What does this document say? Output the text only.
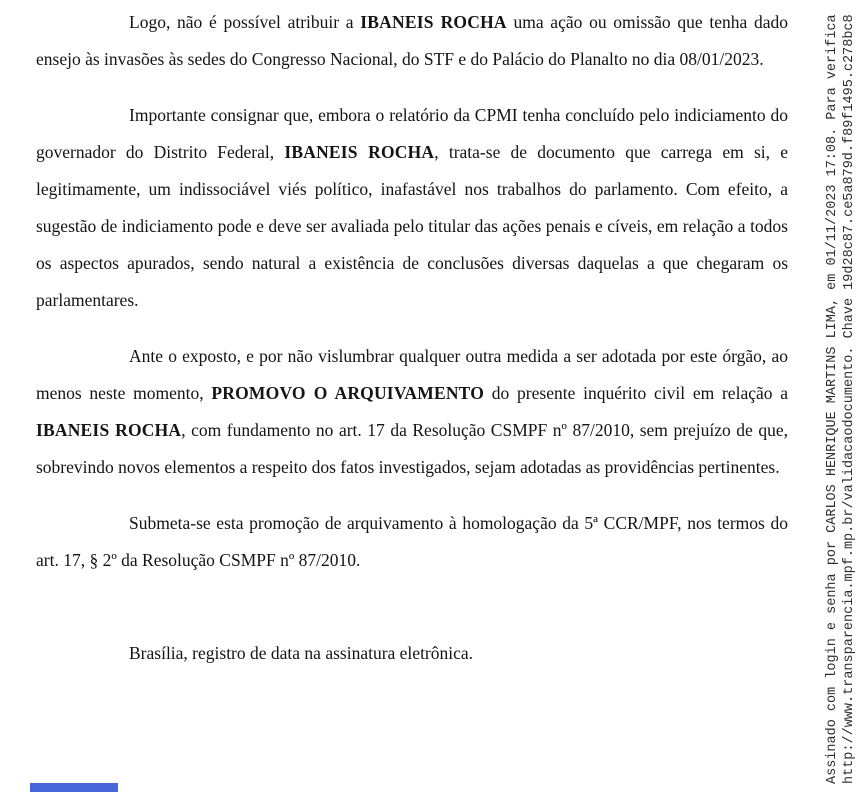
Logo, não é possível atribuir a IBANEIS ROCHA uma ação ou omissão que tenha dado ensejo às invasões às sedes do Congresso Nacional, do STF e do Palácio do Planalto no dia 08/01/2023.

Importante consignar que, embora o relatório da CPMI tenha concluído pelo indiciamento do governador do Distrito Federal, IBANEIS ROCHA, trata-se de documento que carrega em si, e legitimamente, um indissociável viés político, inafastável nos trabalhos do parlamento. Com efeito, a sugestão de indiciamento pode e deve ser avaliada pelo titular das ações penais e cíveis, em relação a todos os aspectos apurados, sendo natural a existência de conclusões diversas daquelas a que chegaram os parlamentares.

Ante o exposto, e por não vislumbrar qualquer outra medida a ser adotada por este órgão, ao menos neste momento, PROMOVO O ARQUIVAMENTO do presente inquérito civil em relação a IBANEIS ROCHA, com fundamento no art. 17 da Resolução CSMPF nº 87/2010, sem prejuízo de que, sobrevindo novos elementos a respeito dos fatos investigados, sejam adotadas as providências pertinentes.

Submeta-se esta promoção de arquivamento à homologação da 5ª CCR/MPF, nos termos do art. 17, § 2º da Resolução CSMPF nº 87/2010.

Brasília, registro de data na assinatura eletrônica.	Assinado com login e senha por CARLOS HENRIQUE MARTINS LIMA, em 01/11/2023 17:08. Para verifica http://www.transparencia.mpf.mp.br/validacaodocumento. Chave 19d28c87.ce5a879d.f89f1495.c278bc8
